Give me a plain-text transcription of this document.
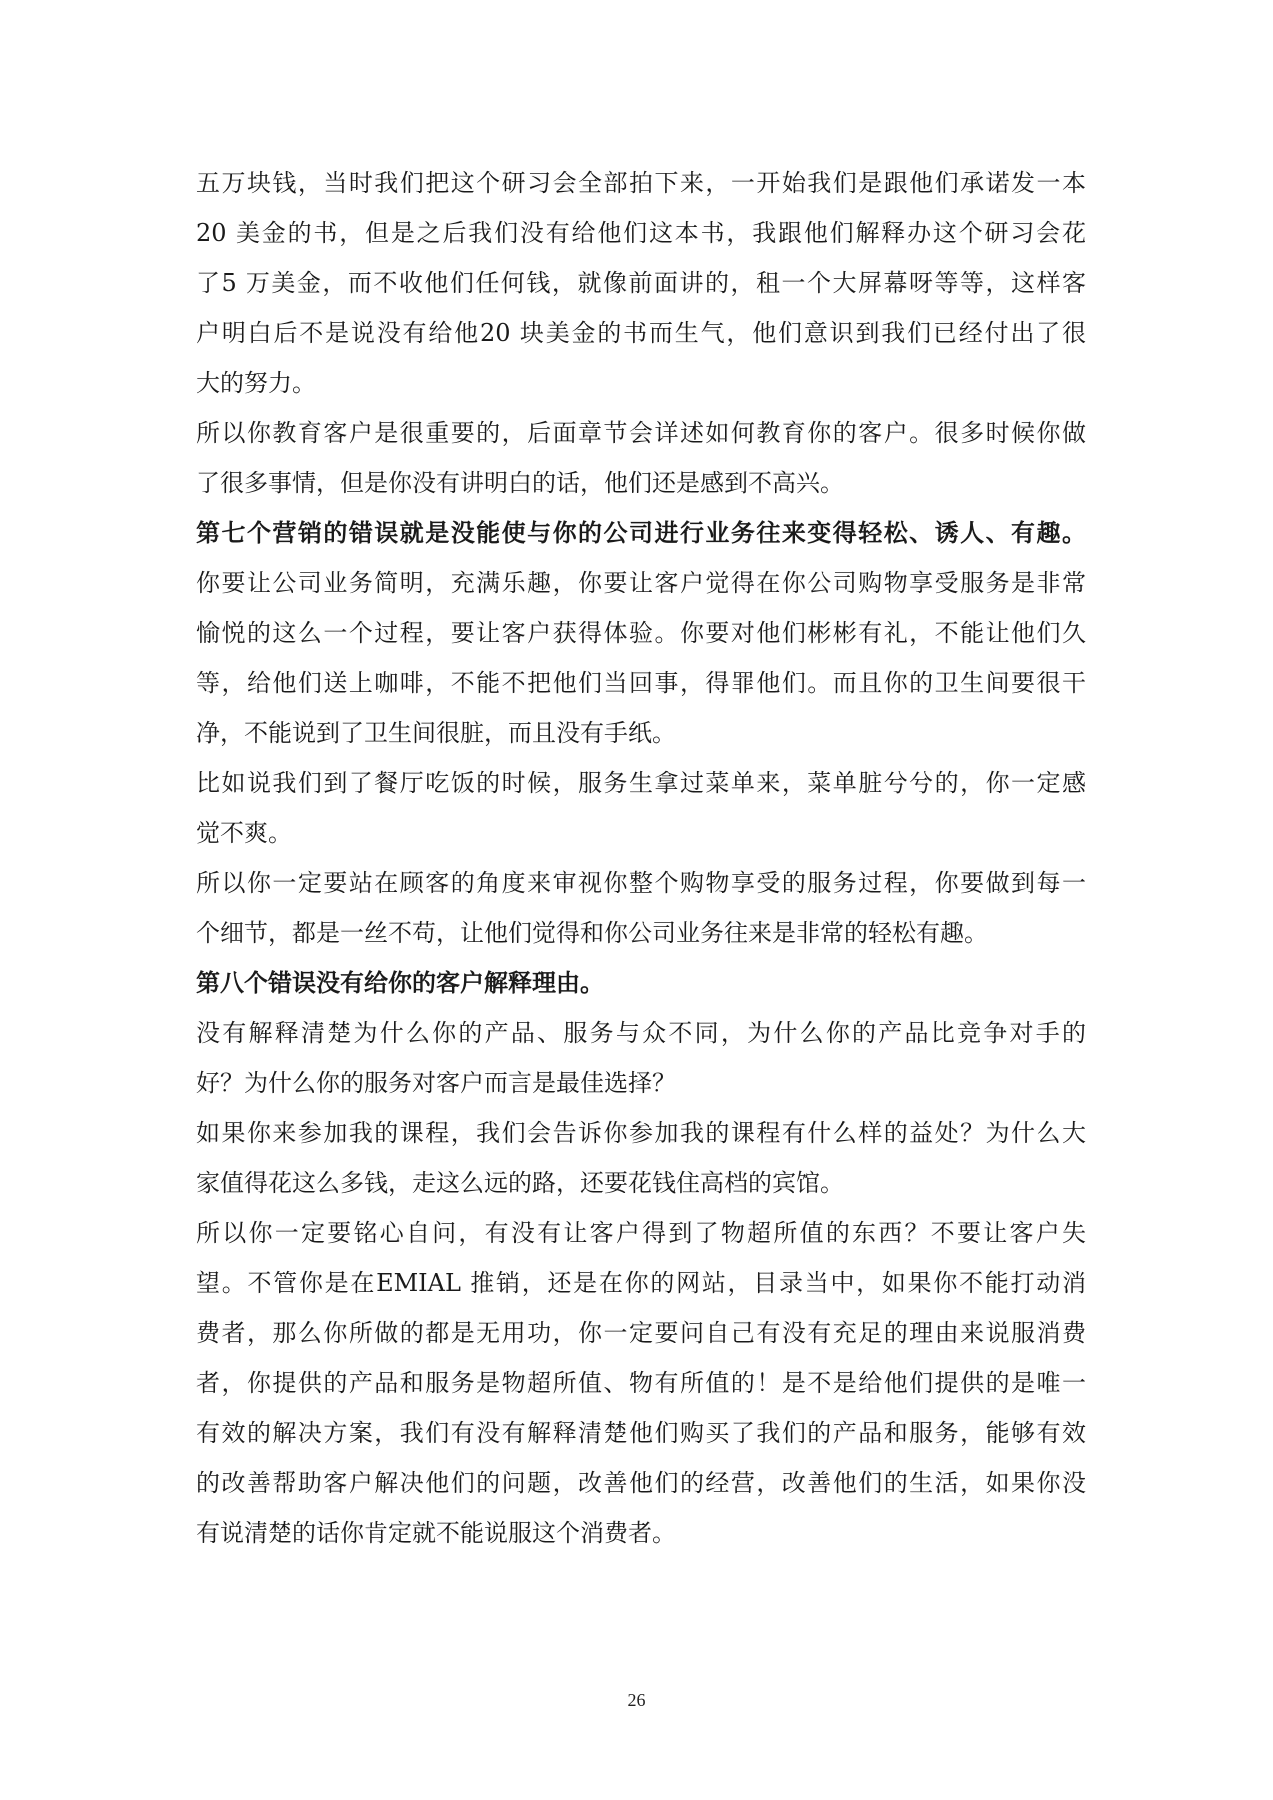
五万块钱，当时我们把这个研习会全部拍下来，一开始我们是跟他们承诺发一本
20 美金的书，但是之后我们没有给他们这本书，我跟他们解释办这个研习会花
了5 万美金，而不收他们任何钱，就像前面讲的，租一个大屏幕呀等等，这样客
户明白后不是说没有给他20 块美金的书而生气，他们意识到我们已经付出了很
大的努力。
所以你教育客户是很重要的，后面章节会详述如何教育你的客户。很多时候你做
了很多事情，但是你没有讲明白的话，他们还是感到不高兴。
第七个营销的错误就是没能使与你的公司进行业务往来变得轻松、诱人、有趣。
你要让公司业务简明，充满乐趣，你要让客户觉得在你公司购物享受服务是非常
愉悦的这么一个过程，要让客户获得体验。你要对他们彬彬有礼，不能让他们久
等，给他们送上咖啡，不能不把他们当回事，得罪他们。而且你的卫生间要很干
净，不能说到了卫生间很脏，而且没有手纸。
比如说我们到了餐厅吃饭的时候，服务生拿过菜单来，菜单脏兮兮的，你一定感
觉不爽。
所以你一定要站在顾客的角度来审视你整个购物享受的服务过程，你要做到每一
个细节，都是一丝不苟，让他们觉得和你公司业务往来是非常的轻松有趣。
第八个错误没有给你的客户解释理由。
没有解释清楚为什么你的产品、服务与众不同，为什么你的产品比竞争对手的
好？为什么你的服务对客户而言是最佳选择？
如果你来参加我的课程，我们会告诉你参加我的课程有什么样的益处？为什么大
家值得花这么多钱，走这么远的路，还要花钱住高档的宾馆。
所以你一定要铭心自问，有没有让客户得到了物超所值的东西？不要让客户失
望。不管你是在EMIAL 推销，还是在你的网站，目录当中，如果你不能打动消
费者，那么你所做的都是无用功，你一定要问自己有没有充足的理由来说服消费
者，你提供的产品和服务是物超所值、物有所值的！是不是给他们提供的是唯一
有效的解决方案，我们有没有解释清楚他们购买了我们的产品和服务，能够有效
的改善帮助客户解决他们的问题，改善他们的经营，改善他们的生活，如果你没
有说清楚的话你肯定就不能说服这个消费者。
26
